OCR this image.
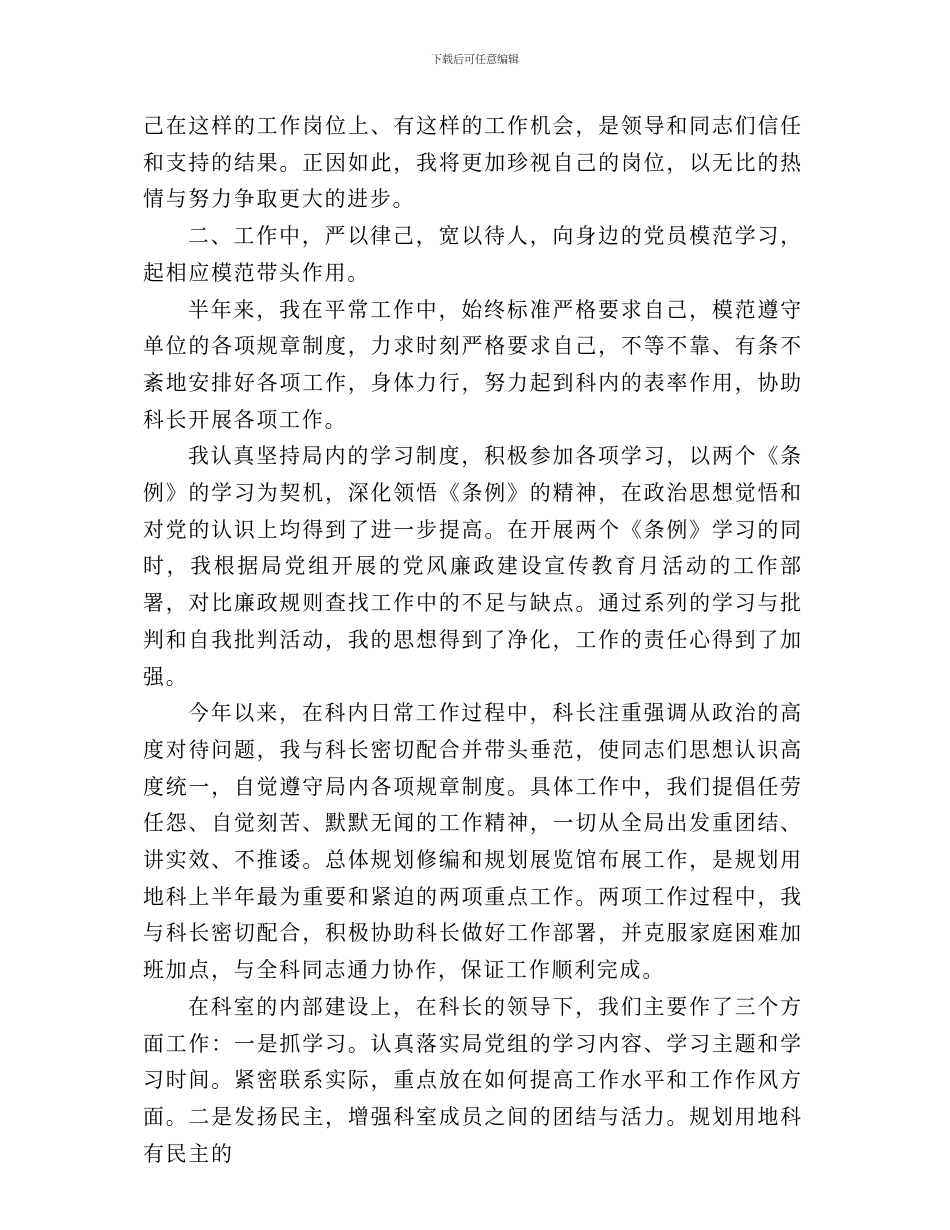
下载后可任意编辑

己在这样的工作岗位上、有这样的工作机会，是领导和同志们信任和支持的结果。正因如此，我将更加珍视自己的岗位，以无比的热情与努力争取更大的进步。

二、工作中，严以律己，宽以待人，向身边的党员模范学习，起相应模范带头作用。

半年来，我在平常工作中，始终标准严格要求自己，模范遵守单位的各项规章制度，力求时刻严格要求自己，不等不靠、有条不紊地安排好各项工作，身体力行，努力起到科内的表率作用，协助科长开展各项工作。

我认真坚持局内的学习制度，积极参加各项学习，以两个《条例》的学习为契机，深化领悟《条例》的精神，在政治思想觉悟和对党的认识上均得到了进一步提高。在开展两个《条例》学习的同时，我根据局党组开展的党风廉政建设宣传教育月活动的工作部署，对比廉政规则查找工作中的不足与缺点。通过系列的学习与批判和自我批判活动，我的思想得到了净化，工作的责任心得到了加强。

今年以来，在科内日常工作过程中，科长注重强调从政治的高度对待问题，我与科长密切配合并带头垂范，使同志们思想认识高度统一，自觉遵守局内各项规章制度。具体工作中，我们提倡任劳任怨、自觉刻苦、默默无闻的工作精神，一切从全局出发重团结、讲实效、不推诿。总体规划修编和规划展览馆布展工作，是规划用地科上半年最为重要和紧迫的两项重点工作。两项工作过程中，我与科长密切配合，积极协助科长做好工作部署，并克服家庭困难加班加点，与全科同志通力协作，保证工作顺利完成。

在科室的内部建设上，在科长的领导下，我们主要作了三个方面工作：一是抓学习。认真落实局党组的学习内容、学习主题和学习时间。紧密联系实际，重点放在如何提高工作水平和工作作风方面。二是发扬民主，增强科室成员之间的团结与活力。规划用地科有民主的
